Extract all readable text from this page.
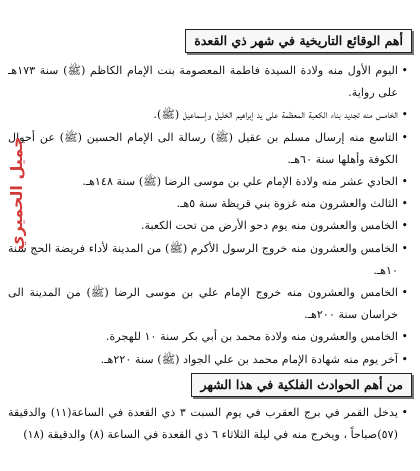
أهم الوقائع التاريخية في شهر ذي القعدة
• اليوم الأول منه ولادة السيدة فاطمة المعصومة بنت الإمام الكاظم (ﷺ) سنة ١٧٣هـ على رواية.
• الخامس منه تجديد بناء الكعبة المعظمة على يد إبراهيم الخليل وإسماعيل (ﷺ).
• التاسع منه إرسال مسلم بن عقيل (ﷺ) رسالة الى الإمام الحسين (ﷺ) عن أحوال الكوفة وأهلها سنة ٦٠هـ.
• الحادي عشر منه ولادة الإمام علي بن موسى الرضا (ﷺ) سنة ١٤٨هـ.
• الثالث والعشرون منه غزوة بني قريظة سنة ٥هـ.
• الخامس والعشرون منه يوم دحو الأرض من تحت الكعبة.
• الخامس والعشرون منه خروج الرسول الأكرم (ﷺ) من المدينة لأداء فريضة الحج سنة ١٠هـ.
• الخامس والعشرون منه خروج الإمام علي بن موسى الرضا (ﷺ) من المدينة الى خراسان سنة ٢٠٠هـ.
• الخامس والعشرون منه ولادة محمد بن أبي بكر سنة ١٠ للهجرة.
• آخر يوم منه شهادة الإمام محمد بن علي الجواد (ﷺ) سنة ٢٢٠هـ.
من أهم الحوادث الفلكية في هذا الشهر
• يدخل القمر في برج العقرب في يوم السبت ٣ ذي القعدة في الساعة(١١) والدقيقة (٥٧)صباحاً ، ويخرج منه في ليلة الثلاثاء ٦ ذي القعدة في الساعة (٨) والدقيقة (١٨)
جميل الحميري
